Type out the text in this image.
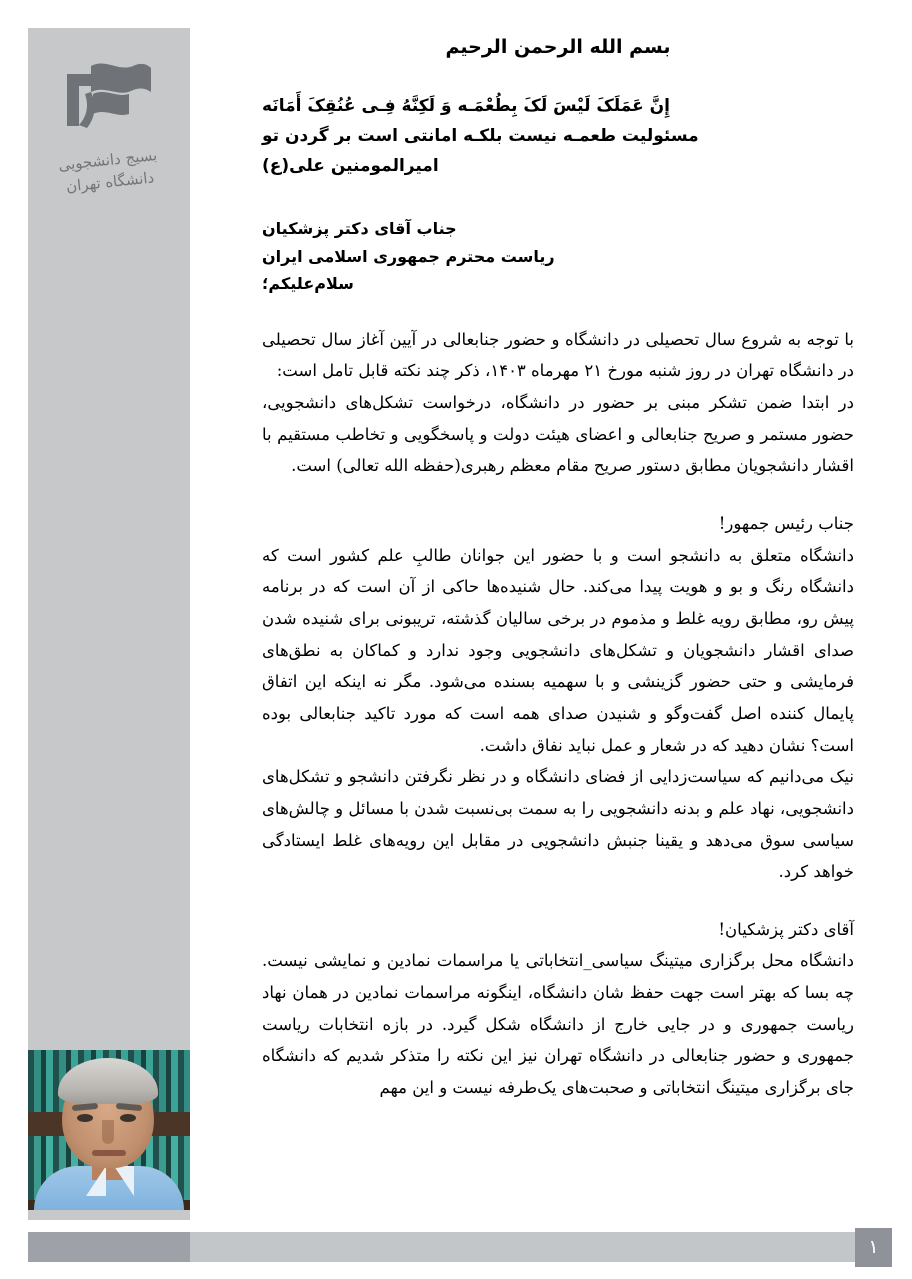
بسیج دانشجویی
دانشگاه تهران
بسم الله الرحمن الرحيم
إِنَّ عَمَلَکَ لَيْسَ لَکَ بِطُعْمَـه وَ لَکِنَّهُ فِـی عُنُقِکَ أَمَانَه
مسئوليت طعمـه نيست بلکـه امانتی است بر گردن تو
اميرالمومنين علی(ع)
جناب آقای دکتر پزشکیان
ریاست محترم جمهوری اسلامی ایران
سلام‌علیکم؛

با توجه به شروع سال تحصیلی در دانشگاه و حضور جنابعالی در آیین آغاز سال تحصیلی در دانشگاه تهران در روز شنبه مورخ ۲۱ مهرماه ۱۴۰۳، ذکر چند نکته قابل تامل است:

در ابتدا ضمن تشکر مبنی بر حضور در دانشگاه، درخواست تشکل‌های دانشجویی، حضور مستمر و صریح جنابعالی و اعضای هیئت دولت و پاسخگویی و تخاطب مستقیم با اقشار دانشجویان مطابق دستور صریح مقام معظم رهبری(حفظه الله تعالی) است.

جناب رئیس جمهور!

دانشگاه متعلق به دانشجو است و با حضور این جوانان طالبِ علم کشور است که دانشگاه رنگ و بو و هویت پیدا می‌کند. حال شنیده‌ها حاکی از آن است که در برنامه پیش رو، مطابق رویه غلط و مذموم در برخی سالیان گذشته، تریبونی برای شنیده شدن صدای اقشار دانشجویان و تشکل‌های دانشجویی وجود ندارد و کماکان به نطق‌های فرمایشی و حتی حضور گزینشی و با سهمیه بسنده می‌شود. مگر نه اینکه این اتفاق پایمال کننده اصل گفت‌وگو و شنیدن صدای همه است که مورد تاکید جنابعالی بوده است؟ نشان دهید که در شعار و عمل نباید نفاق داشت.

نیک می‌دانیم که سیاست‌زدایی از فضای دانشگاه و در نظر نگرفتن دانشجو و تشکل‌های دانشجویی، نهاد علم و بدنه دانشجویی را به سمت بی‌نسبت شدن با مسائل و چالش‌های سیاسی سوق می‌دهد و یقینا جنبش دانشجویی در مقابل این رویه‌های غلط ایستادگی خواهد کرد.

آقای دکتر پزشکیان!

دانشگاه محل برگزاری میتینگ سیاسی_انتخاباتی یا مراسمات نمادین و نمایشی نیست. چه بسا که بهتر است جهت حفظ شان دانشگاه، اینگونه مراسمات نمادین در همان نهاد ریاست جمهوری و در جایی خارج از دانشگاه شکل گیرد. در بازه انتخابات ریاست جمهوری و حضور جنابعالی در دانشگاه تهران نیز این نکته را متذکر شدیم که دانشگاه جای برگزاری میتینگ انتخاباتی و صحبت‌های یک‌طرفه نیست و این مهم

۱
